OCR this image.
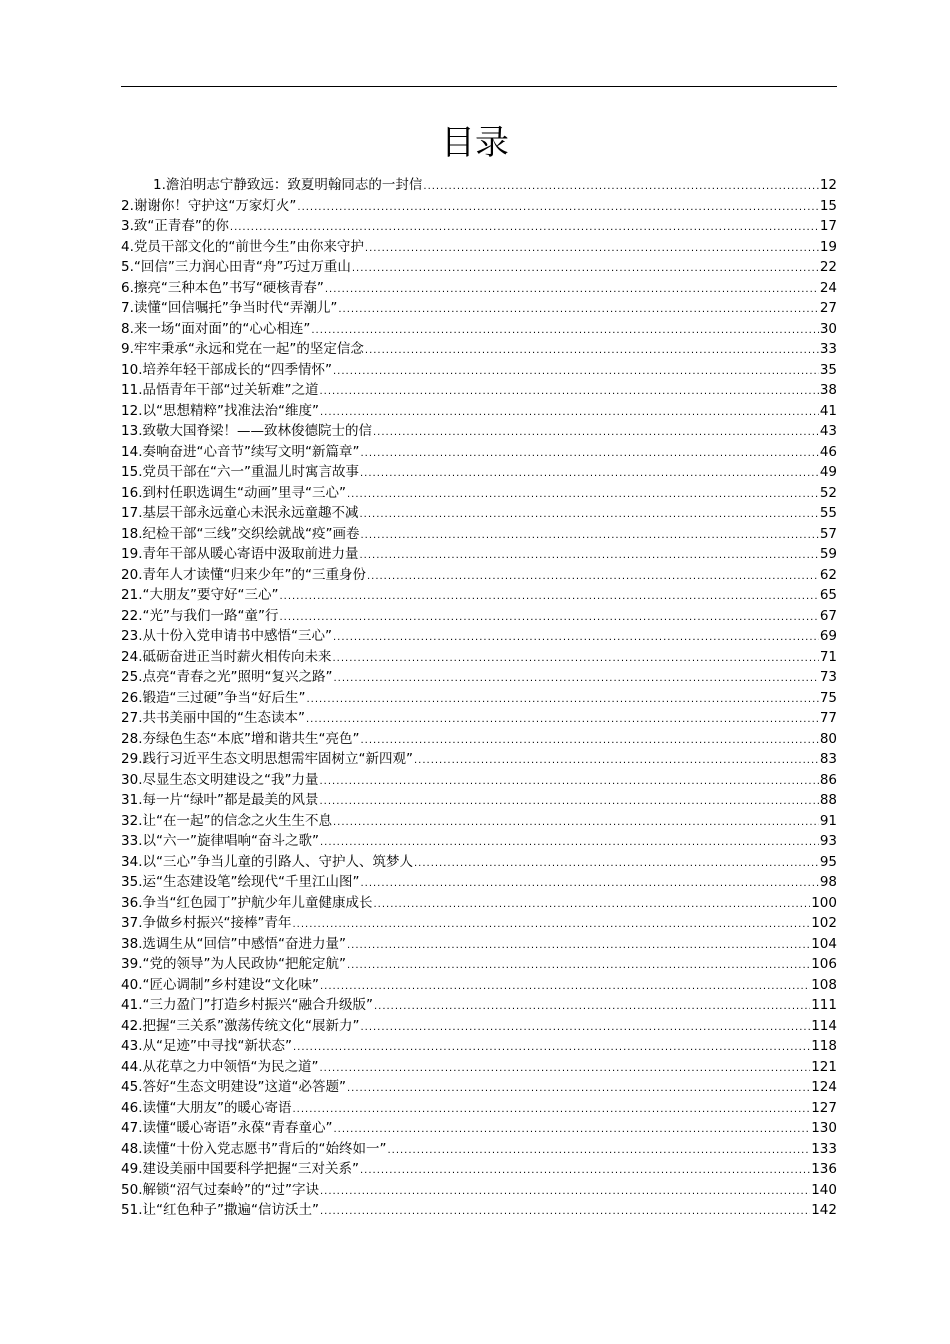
目录
1 . 澹泊明志宁静致远：致夏明翰同志的一封信 .....	12
2 . 谢谢你！守护这“万家灯火” .....	15
3 . 致“正青春”的你 .....	17
4 . 党员干部文化的“前世今生”由你来守护 .....	19
5 . “回信”三力润心田青“舟”巧过万重山 .....	22
6 . 擦亮“三种本色”书写“硬核青春” .....	24
7 . 读懂“回信嘱托”争当时代“弄潮儿” .....	27
8 . 来一场“面对面”的“心心相连” .....	30
9 . 牢牢秉承“永远和党在一起”的坚定信念 .....	33
10 . 培养年轻干部成长的“四季情怀” .....	35
11 . 品悟青年干部“过关斩难”之道 .....	38
12 . 以“思想精粹”找准法治“维度” .....	41
13 . 致敬大国脊梁！——致林俊德院士的信 .....	43
14 . 奏响奋进“心音节”续写文明“新篇章” .....	46
15 . 党员干部在“六一”重温儿时寓言故事 .....	49
16 . 到村任职选调生“动画”里寻“三心” .....	52
17 . 基层干部永远童心未泯永远童趣不减 .....	55
18 . 纪检干部“三线”交织绘就战“疫”画卷 .....	57
19 . 青年干部从暖心寄语中汲取前进力量 .....	59
20 . 青年人才读懂“归来少年”的“三重身份 .....	62
21 . “大朋友”要守好“三心” .....	65
22 . “光”与我们一路“童”行 .....	67
23 . 从十份入党申请书中感悟“三心” .....	69
24 . 砥砺奋进正当时薪火相传向未来 .....	71
25 . 点亮“青春之光”照明“复兴之路” .....	73
26 . 锻造“三过硬”争当“好后生” .....	75
27 . 共书美丽中国的“生态读本” .....	77
28 . 夯绿色生态“本底”增和谐共生“亮色” .....	80
29 . 践行习近平生态文明思想需牢固树立“新四观” .....	83
30 . 尽显生态文明建设之“我”力量 .....	86
31 . 每一片“绿叶”都是最美的风景 .....	88
32 . 让“在一起”的信念之火生生不息 .....	91
33 . 以“六一”旋律唱响“奋斗之歌” .....	93
34 . 以“三心”争当儿童的引路人、守护人、筑梦人 .....	95
35 . 运“生态建设笔”绘现代“千里江山图” .....	98
36 . 争当“红色园丁”护航少年儿童健康成长 .....	100
37 . 争做乡村振兴“接棒”青年 .....	102
38 . 选调生从“回信”中感悟“奋进力量” .....	104
39 . “党的领导”为人民政协“把舵定航” .....	106
40 . “匠心调制”乡村建设“文化味” .....	108
41 . “三力盈门”打造乡村振兴“融合升级版” .....	111
42 . 把握“三关系”激荡传统文化“展新力” .....	114
43 . 从“足迹”中寻找“新状态” .....	118
44 . 从花草之力中领悟“为民之道” .....	121
45 . 答好“生态文明建设”这道“必答题” .....	124
46 . 读懂“大朋友”的暖心寄语 .....	127
47 . 读懂“暖心寄语”永葆“青春童心” .....	130
48 . 读懂“十份入党志愿书”背后的“始终如一” .....	133
49 . 建设美丽中国要科学把握“三对关系” .....	136
50 . 解锁“沼气过秦岭”的“过”字诀 .....	140
51 . 让“红色种子”撒遍“信访沃土” .....	142
